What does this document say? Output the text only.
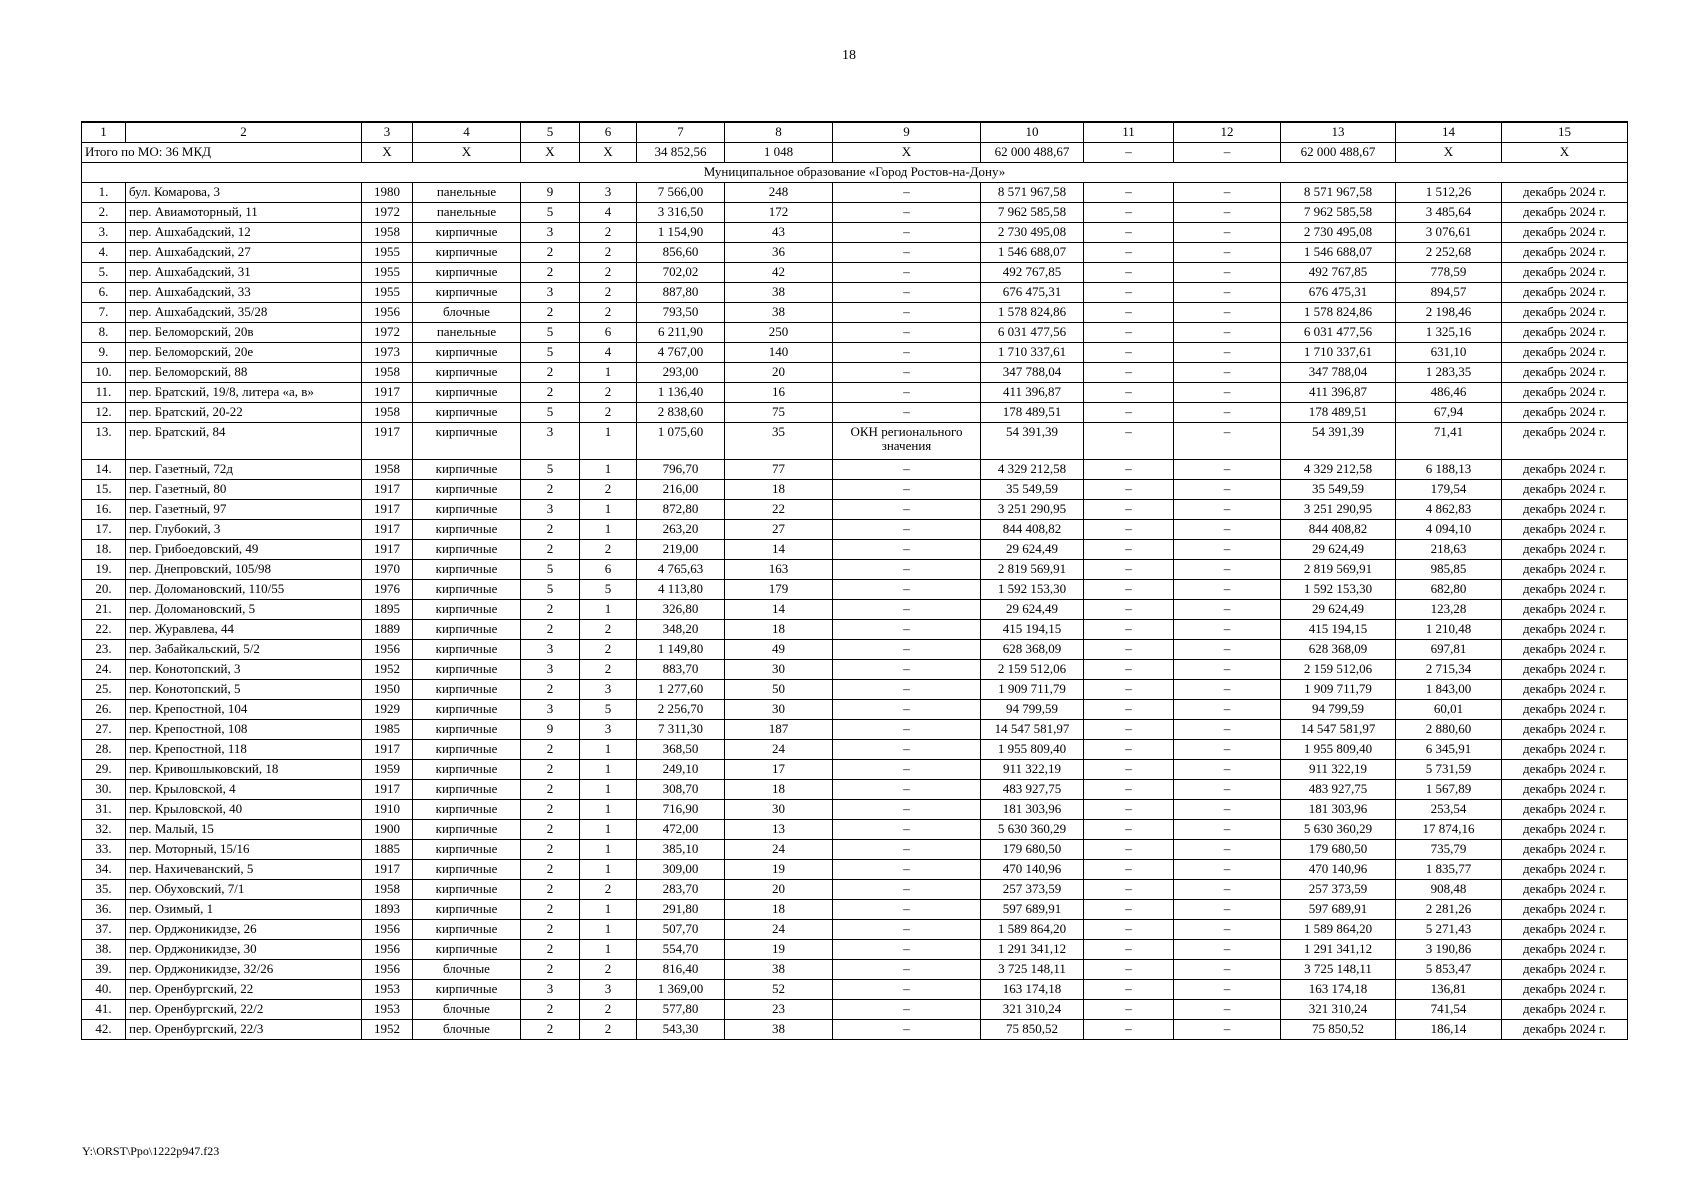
18
1	2	3	4	5	6	7	8	9	10	11	12	13	14	15
Итого по МО: 36 МКД		Х	Х	Х	Х	34 852,56	1 048	Х	62 000 488,67	–	–	62 000 488,67	Х	Х
Муниципальное образование «Город Ростов-на-Дону»														
1.	бул. Комарова, 3	1980	панельные	9	3	7 566,00	248	–	8 571 967,58	–	–	8 571 967,58	1 512,26	декабрь 2024 г.
2.	пер. Авиамоторный, 11	1972	панельные	5	4	3 316,50	172	–	7 962 585,58	–	–	7 962 585,58	3 485,64	декабрь 2024 г.
3.	пер. Ашхабадский, 12	1958	кирпичные	3	2	1 154,90	43	–	2 730 495,08	–	–	2 730 495,08	3 076,61	декабрь 2024 г.
4.	пер. Ашхабадский, 27	1955	кирпичные	2	2	856,60	36	–	1 546 688,07	–	–	1 546 688,07	2 252,68	декабрь 2024 г.
5.	пер. Ашхабадский, 31	1955	кирпичные	2	2	702,02	42	–	492 767,85	–	–	492 767,85	778,59	декабрь 2024 г.
6.	пер. Ашхабадский, 33	1955	кирпичные	3	2	887,80	38	–	676 475,31	–	–	676 475,31	894,57	декабрь 2024 г.
7.	пер. Ашхабадский, 35/28	1956	блочные	2	2	793,50	38	–	1 578 824,86	–	–	1 578 824,86	2 198,46	декабрь 2024 г.
8.	пер. Беломорский, 20в	1972	панельные	5	6	6 211,90	250	–	6 031 477,56	–	–	6 031 477,56	1 325,16	декабрь 2024 г.
9.	пер. Беломорский, 20е	1973	кирпичные	5	4	4 767,00	140	–	1 710 337,61	–	–	1 710 337,61	631,10	декабрь 2024 г.
10.	пер. Беломорский, 88	1958	кирпичные	2	1	293,00	20	–	347 788,04	–	–	347 788,04	1 283,35	декабрь 2024 г.
11.	пер. Братский, 19/8, литера «а, в»	1917	кирпичные	2	2	1 136,40	16	–	411 396,87	–	–	411 396,87	486,46	декабрь 2024 г.
12.	пер. Братский, 20-22	1958	кирпичные	5	2	2 838,60	75	–	178 489,51	–	–	178 489,51	67,94	декабрь 2024 г.
13.	пер. Братский, 84	1917	кирпичные	3	1	1 075,60	35	ОКН регионального значения	54 391,39	–	–	54 391,39	71,41	декабрь 2024 г.
14.	пер. Газетный, 72д	1958	кирпичные	5	1	796,70	77	–	4 329 212,58	–	–	4 329 212,58	6 188,13	декабрь 2024 г.
15.	пер. Газетный, 80	1917	кирпичные	2	2	216,00	18	–	35 549,59	–	–	35 549,59	179,54	декабрь 2024 г.
16.	пер. Газетный, 97	1917	кирпичные	3	1	872,80	22	–	3 251 290,95	–	–	3 251 290,95	4 862,83	декабрь 2024 г.
17.	пер. Глубокий, 3	1917	кирпичные	2	1	263,20	27	–	844 408,82	–	–	844 408,82	4 094,10	декабрь 2024 г.
18.	пер. Грибоедовский, 49	1917	кирпичные	2	2	219,00	14	–	29 624,49	–	–	29 624,49	218,63	декабрь 2024 г.
19.	пер. Днепровский, 105/98	1970	кирпичные	5	6	4 765,63	163	–	2 819 569,91	–	–	2 819 569,91	985,85	декабрь 2024 г.
20.	пер. Доломановский, 110/55	1976	кирпичные	5	5	4 113,80	179	–	1 592 153,30	–	–	1 592 153,30	682,80	декабрь 2024 г.
21.	пер. Доломановский, 5	1895	кирпичные	2	1	326,80	14	–	29 624,49	–	–	29 624,49	123,28	декабрь 2024 г.
22.	пер. Журавлева, 44	1889	кирпичные	2	2	348,20	18	–	415 194,15	–	–	415 194,15	1 210,48	декабрь 2024 г.
23.	пер. Забайкальский, 5/2	1956	кирпичные	3	2	1 149,80	49	–	628 368,09	–	–	628 368,09	697,81	декабрь 2024 г.
24.	пер. Конотопский, 3	1952	кирпичные	3	2	883,70	30	–	2 159 512,06	–	–	2 159 512,06	2 715,34	декабрь 2024 г.
25.	пер. Конотопский, 5	1950	кирпичные	2	3	1 277,60	50	–	1 909 711,79	–	–	1 909 711,79	1 843,00	декабрь 2024 г.
26.	пер. Крепостной, 104	1929	кирпичные	3	5	2 256,70	30	–	94 799,59	–	–	94 799,59	60,01	декабрь 2024 г.
27.	пер. Крепостной, 108	1985	кирпичные	9	3	7 311,30	187	–	14 547 581,97	–	–	14 547 581,97	2 880,60	декабрь 2024 г.
28.	пер. Крепостной, 118	1917	кирпичные	2	1	368,50	24	–	1 955 809,40	–	–	1 955 809,40	6 345,91	декабрь 2024 г.
29.	пер. Кривошлыковский, 18	1959	кирпичные	2	1	249,10	17	–	911 322,19	–	–	911 322,19	5 731,59	декабрь 2024 г.
30.	пер. Крыловской, 4	1917	кирпичные	2	1	308,70	18	–	483 927,75	–	–	483 927,75	1 567,89	декабрь 2024 г.
31.	пер. Крыловской, 40	1910	кирпичные	2	1	716,90	30	–	181 303,96	–	–	181 303,96	253,54	декабрь 2024 г.
32.	пер. Малый, 15	1900	кирпичные	2	1	472,00	13	–	5 630 360,29	–	–	5 630 360,29	17 874,16	декабрь 2024 г.
33.	пер. Моторный, 15/16	1885	кирпичные	2	1	385,10	24	–	179 680,50	–	–	179 680,50	735,79	декабрь 2024 г.
34.	пер. Нахичеванский, 5	1917	кирпичные	2	1	309,00	19	–	470 140,96	–	–	470 140,96	1 835,77	декабрь 2024 г.
35.	пер. Обуховский, 7/1	1958	кирпичные	2	2	283,70	20	–	257 373,59	–	–	257 373,59	908,48	декабрь 2024 г.
36.	пер. Озимый, 1	1893	кирпичные	2	1	291,80	18	–	597 689,91	–	–	597 689,91	2 281,26	декабрь 2024 г.
37.	пер. Орджоникидзе, 26	1956	кирпичные	2	1	507,70	24	–	1 589 864,20	–	–	1 589 864,20	5 271,43	декабрь 2024 г.
38.	пер. Орджоникидзе, 30	1956	кирпичные	2	1	554,70	19	–	1 291 341,12	–	–	1 291 341,12	3 190,86	декабрь 2024 г.
39.	пер. Орджоникидзе, 32/26	1956	блочные	2	2	816,40	38	–	3 725 148,11	–	–	3 725 148,11	5 853,47	декабрь 2024 г.
40.	пер. Оренбургский, 22	1953	кирпичные	3	3	1 369,00	52	–	163 174,18	–	–	163 174,18	136,81	декабрь 2024 г.
41.	пер. Оренбургский, 22/2	1953	блочные	2	2	577,80	23	–	321 310,24	–	–	321 310,24	741,54	декабрь 2024 г.
42.	пер. Оренбургский, 22/3	1952	блочные	2	2	543,30	38	–	75 850,52	–	–	75 850,52	186,14	декабрь 2024 г.
Y:\ORST\Ppo\1222p947.f23
